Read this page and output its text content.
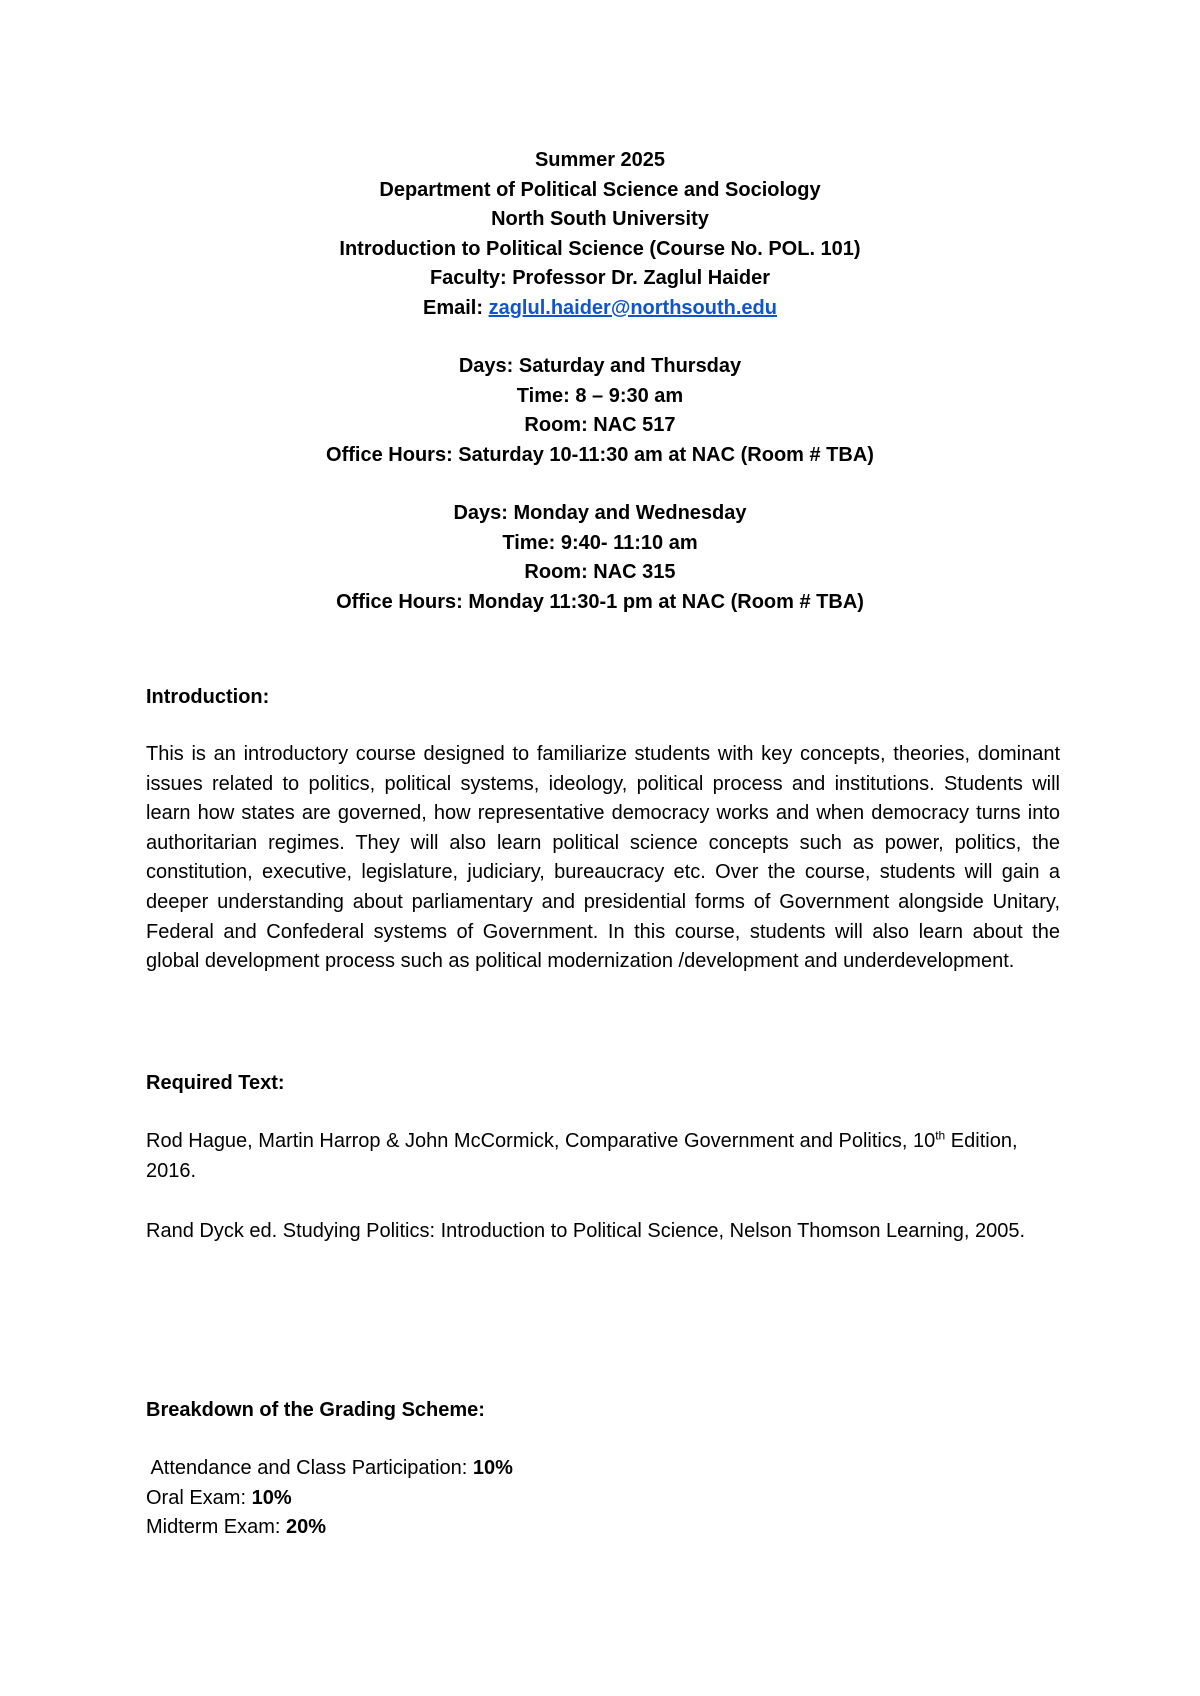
Summer 2025
Department of Political Science and Sociology
North South University
Introduction to Political Science (Course No. POL. 101)
Faculty: Professor Dr. Zaglul Haider
Email: zaglul.haider@northsouth.edu
Days: Saturday and Thursday
Time: 8 – 9:30 am
Room: NAC 517
Office Hours: Saturday 10-11:30 am at NAC (Room # TBA)
Days: Monday and Wednesday
Time: 9:40- 11:10 am
Room: NAC 315
Office Hours: Monday 11:30-1 pm at NAC (Room # TBA)
Introduction:
This is an introductory course designed to familiarize students with key concepts, theories, dominant issues related to politics, political systems, ideology, political process and institutions. Students will learn how states are governed, how representative democracy works and when democracy turns into authoritarian regimes. They will also learn political science concepts such as power, politics, the constitution, executive, legislature, judiciary, bureaucracy etc. Over the course, students will gain a deeper understanding about parliamentary and presidential forms of Government alongside Unitary, Federal and Confederal systems of Government. In this course, students will also learn about the global development process such as political modernization /development and underdevelopment.
Required Text:
Rod Hague, Martin Harrop & John McCormick, Comparative Government and Politics, 10th Edition, 2016.
Rand Dyck ed. Studying Politics: Introduction to Political Science, Nelson Thomson Learning, 2005.
Breakdown of the Grading Scheme:
Attendance and Class Participation: 10%
Oral Exam: 10%
Midterm Exam: 20%
